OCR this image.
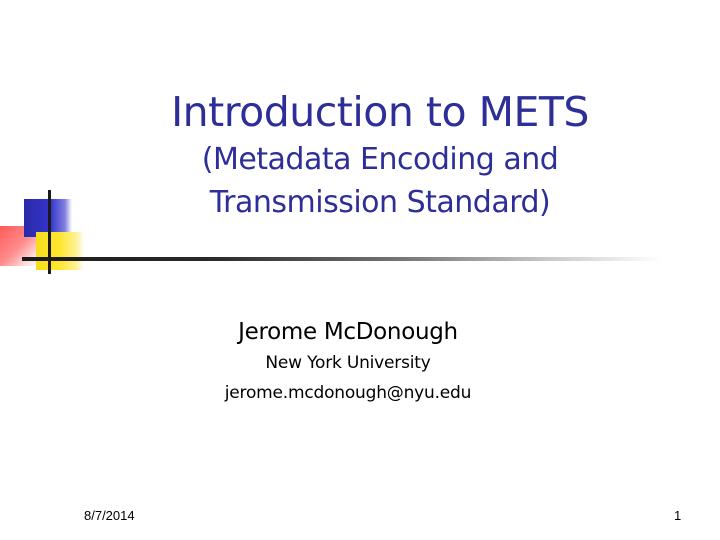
Introduction to METS
(Metadata Encoding and
Transmission Standard)
Jerome McDonough
New York University
jerome.mcdonough@nyu.edu
8/7/2014	1
